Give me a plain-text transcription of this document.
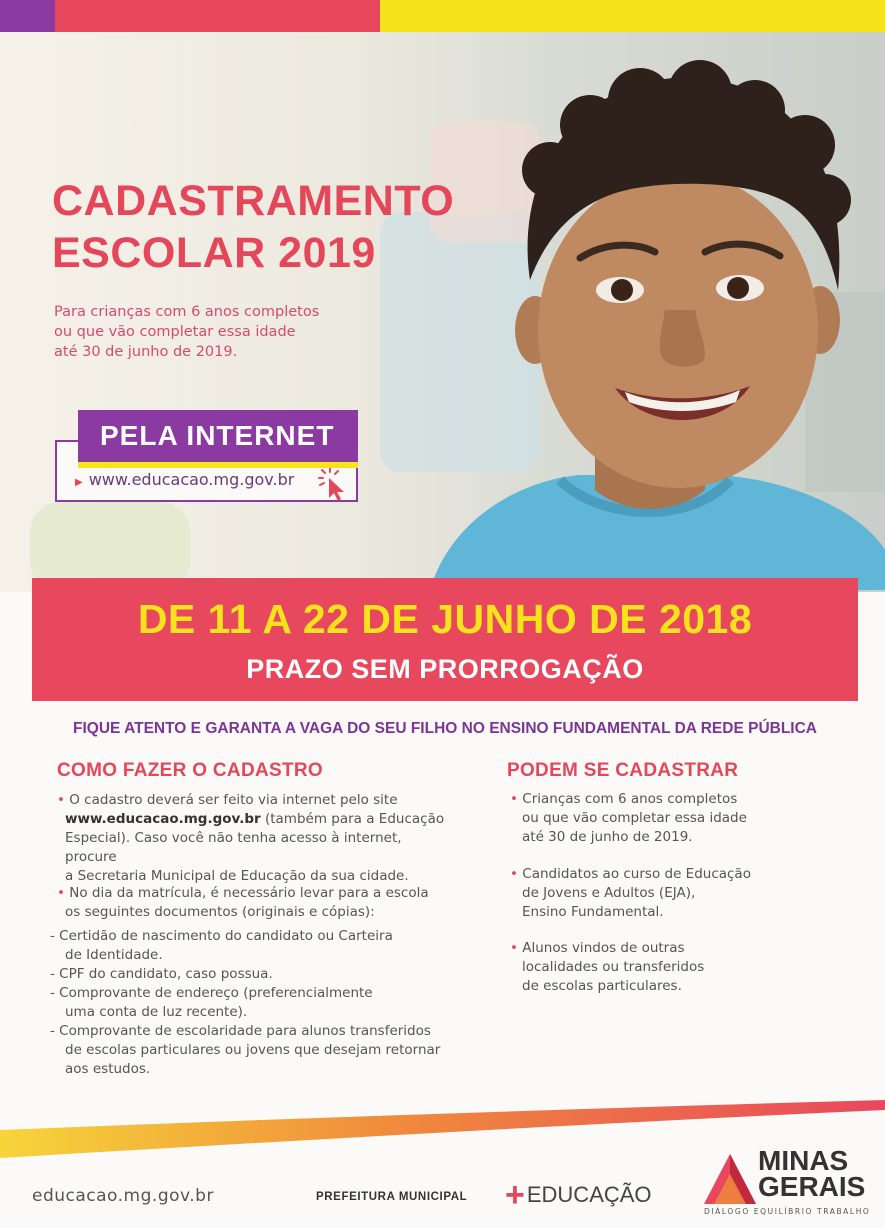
CADASTRAMENTO
ESCOLAR 2019
Para crianças com 6 anos completos
ou que vão completar essa idade
até 30 de junho de 2019.
PELA INTERNET
▶ www.educacao.mg.gov.br
DE 11 A 22 DE JUNHO DE 2018
PRAZO SEM PRORROGAÇÃO
FIQUE ATENTO E GARANTA A VAGA DO SEU FILHO NO ENSINO FUNDAMENTAL DA REDE PÚBLICA
COMO FAZER O CADASTRO	PODEM SE CADASTRAR
• O cadastro deverá ser feito via internet pelo site
www.educacao.mg.gov.br (também para a Educação
Especial). Caso você não tenha acesso à internet, procure
a Secretaria Municipal de Educação da sua cidade.
• No dia da matrícula, é necessário levar para a escola
os seguintes documentos (originais e cópias):
- Certidão de nascimento do candidato ou Carteira
de Identidade.
- CPF do candidato, caso possua.
- Comprovante de endereço (preferencialmente
uma conta de luz recente).
- Comprovante de escolaridade para alunos transferidos
de escolas particulares ou jovens que desejam retornar
aos estudos.
• Crianças com 6 anos completos
ou que vão completar essa idade
até 30 de junho de 2019.
• Candidatos ao curso de Educação
de Jovens e Adultos (EJA),
Ensino Fundamental.
• Alunos vindos de outras
localidades ou transferidos
de escolas particulares.
educacao.mg.gov.br	PREFEITURA MUNICIPAL + EDUCAÇÃO
MINAS
GERAIS
DIÁLOGO EQUILÍBRIO TRABALHO
